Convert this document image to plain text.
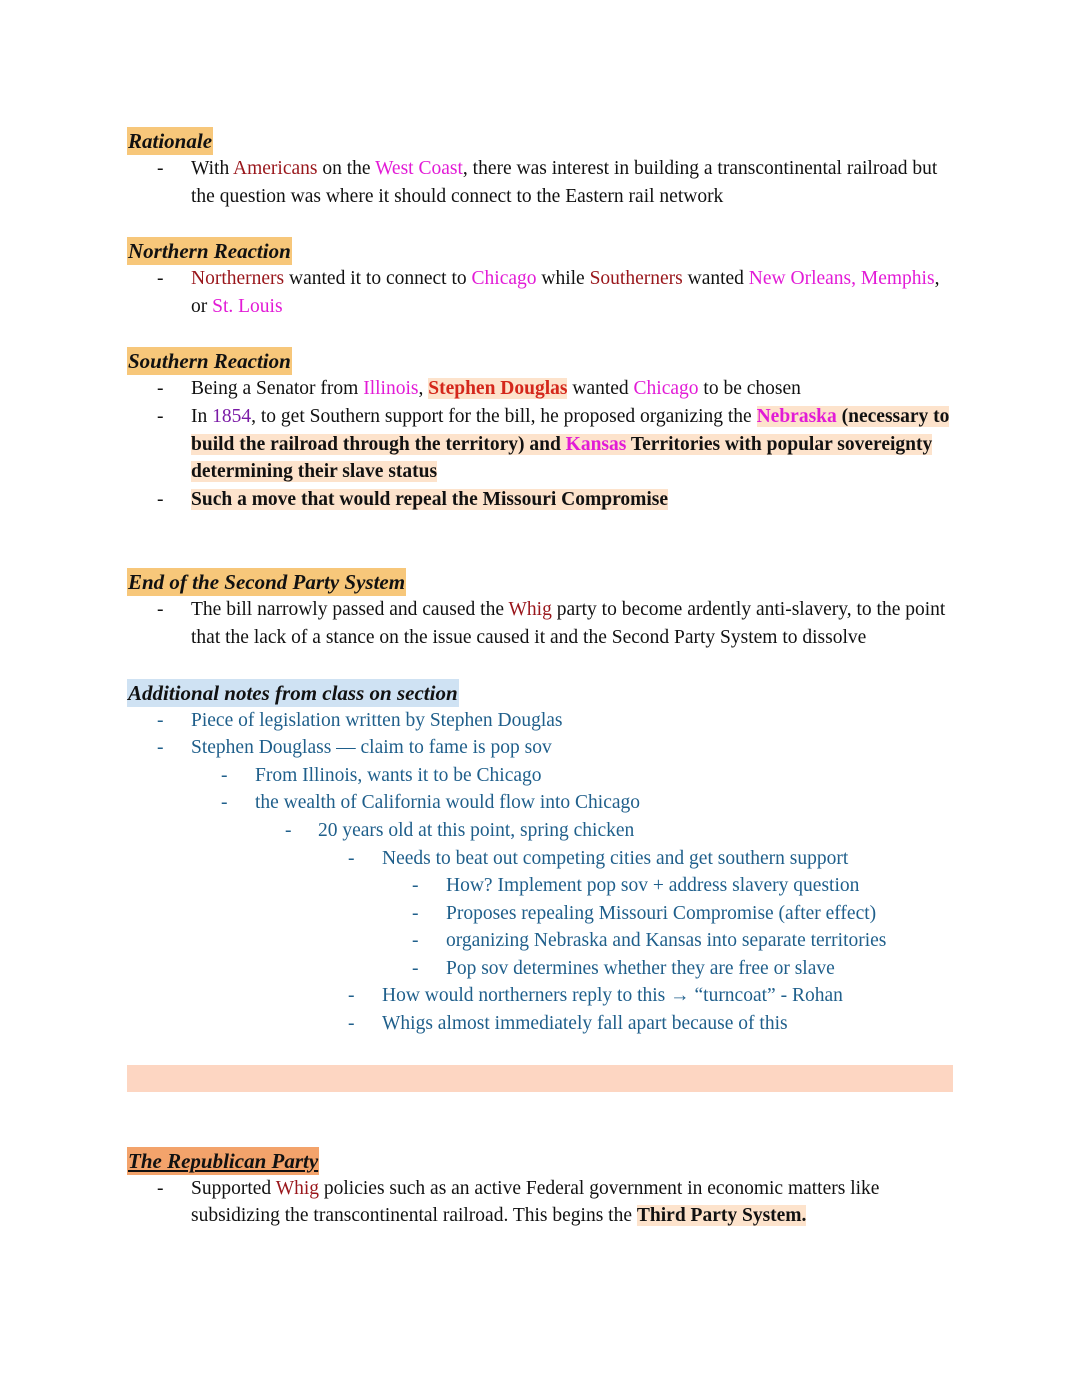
Rationale
- With Americans on the West Coast, there was interest in building a transcontinental railroad but the question was where it should connect to the Eastern rail network
Northern Reaction
- Northerners wanted it to connect to Chicago while Southerners wanted New Orleans, Memphis, or St. Louis
Southern Reaction
- Being a Senator from Illinois, Stephen Douglas wanted Chicago to be chosen
- In 1854, to get Southern support for the bill, he proposed organizing the Nebraska (necessary to build the railroad through the territory) and Kansas Territories with popular sovereignty determining their slave status
- Such a move that would repeal the Missouri Compromise
End of the Second Party System
- The bill narrowly passed and caused the Whig party to become ardently anti-slavery, to the point that the lack of a stance on the issue caused it and the Second Party System to dissolve
Additional notes from class on section
- Piece of legislation written by Stephen Douglas
- Stephen Douglass — claim to fame is pop sov
- From Illinois, wants it to be Chicago
- the wealth of California would flow into Chicago
- 20 years old at this point, spring chicken
- Needs to beat out competing cities and get southern support
- How? Implement pop sov + address slavery question
- Proposes repealing Missouri Compromise (after effect)
- organizing Nebraska and Kansas into separate territories
- Pop sov determines whether they are free or slave
- How would northerners reply to this → “turncoat” - Rohan
- Whigs almost immediately fall apart because of this
The Republican Party
- Supported Whig policies such as an active Federal government in economic matters like subsidizing the transcontinental railroad. This begins the Third Party System.
